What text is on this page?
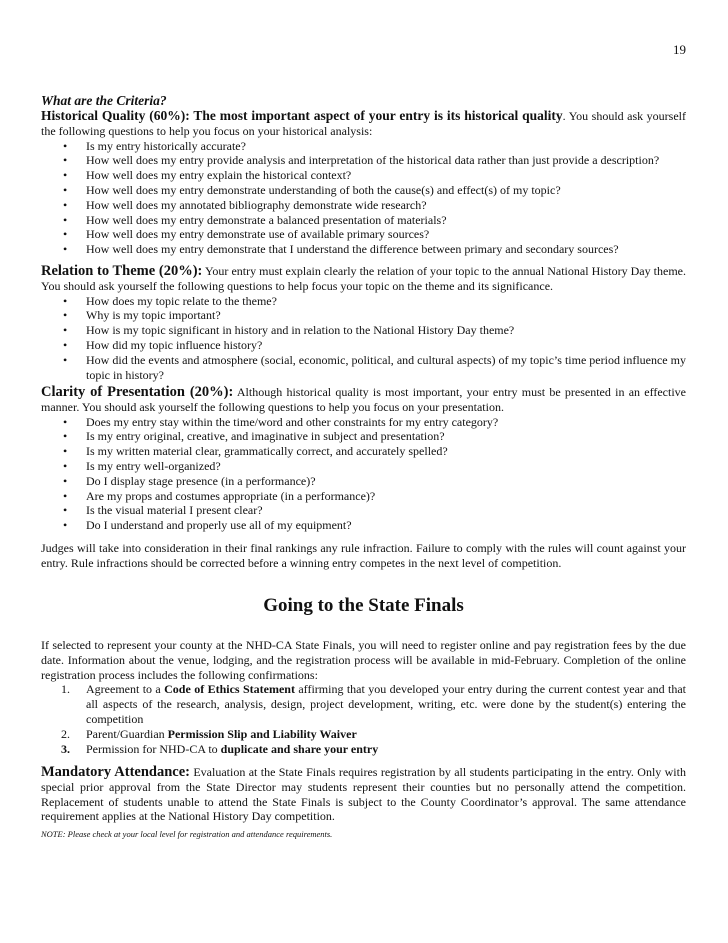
19
What are the Criteria?
Historical Quality (60%): The most important aspect of your entry is its historical quality. You should ask yourself the following questions to help you focus on your historical analysis:
• Is my entry historically accurate?
• How well does my entry provide analysis and interpretation of the historical data rather than just provide a description?
• How well does my entry explain the historical context?
• How well does my entry demonstrate understanding of both the cause(s) and effect(s) of my topic?
• How well does my annotated bibliography demonstrate wide research?
• How well does my entry demonstrate a balanced presentation of materials?
• How well does my entry demonstrate use of available primary sources?
• How well does my entry demonstrate that I understand the difference between primary and secondary sources?
Relation to Theme (20%): Your entry must explain clearly the relation of your topic to the annual National History Day theme. You should ask yourself the following questions to help focus your topic on the theme and its significance.
• How does my topic relate to the theme?
• Why is my topic important?
• How is my topic significant in history and in relation to the National History Day theme?
• How did my topic influence history?
• How did the events and atmosphere (social, economic, political, and cultural aspects) of my topic’s time period influence my topic in history?
Clarity of Presentation (20%): Although historical quality is most important, your entry must be presented in an effective manner. You should ask yourself the following questions to help you focus on your presentation.
• Does my entry stay within the time/word and other constraints for my entry category?
• Is my entry original, creative, and imaginative in subject and presentation?
• Is my written material clear, grammatically correct, and accurately spelled?
• Is my entry well-organized?
• Do I display stage presence (in a performance)?
• Are my props and costumes appropriate (in a performance)?
• Is the visual material I present clear?
• Do I understand and properly use all of my equipment?
Judges will take into consideration in their final rankings any rule infraction. Failure to comply with the rules will count against your entry. Rule infractions should be corrected before a winning entry competes in the next level of competition.
Going to the State Finals
If selected to represent your county at the NHD-CA State Finals, you will need to register online and pay registration fees by the due date. Information about the venue, lodging, and the registration process will be available in mid-February. Completion of the online registration process includes the following confirmations:
1. Agreement to a Code of Ethics Statement affirming that you developed your entry during the current contest year and that all aspects of the research, analysis, design, project development, writing, etc. were done by the student(s) entering the competition
2. Parent/Guardian Permission Slip and Liability Waiver
3. Permission for NHD-CA to duplicate and share your entry
Mandatory Attendance: Evaluation at the State Finals requires registration by all students participating in the entry. Only with special prior approval from the State Director may students represent their counties but no personally attend the competition. Replacement of students unable to attend the State Finals is subject to the County Coordinator’s approval. The same attendance requirement applies at the National History Day competition.
NOTE: Please check at your local level for registration and attendance requirements.
